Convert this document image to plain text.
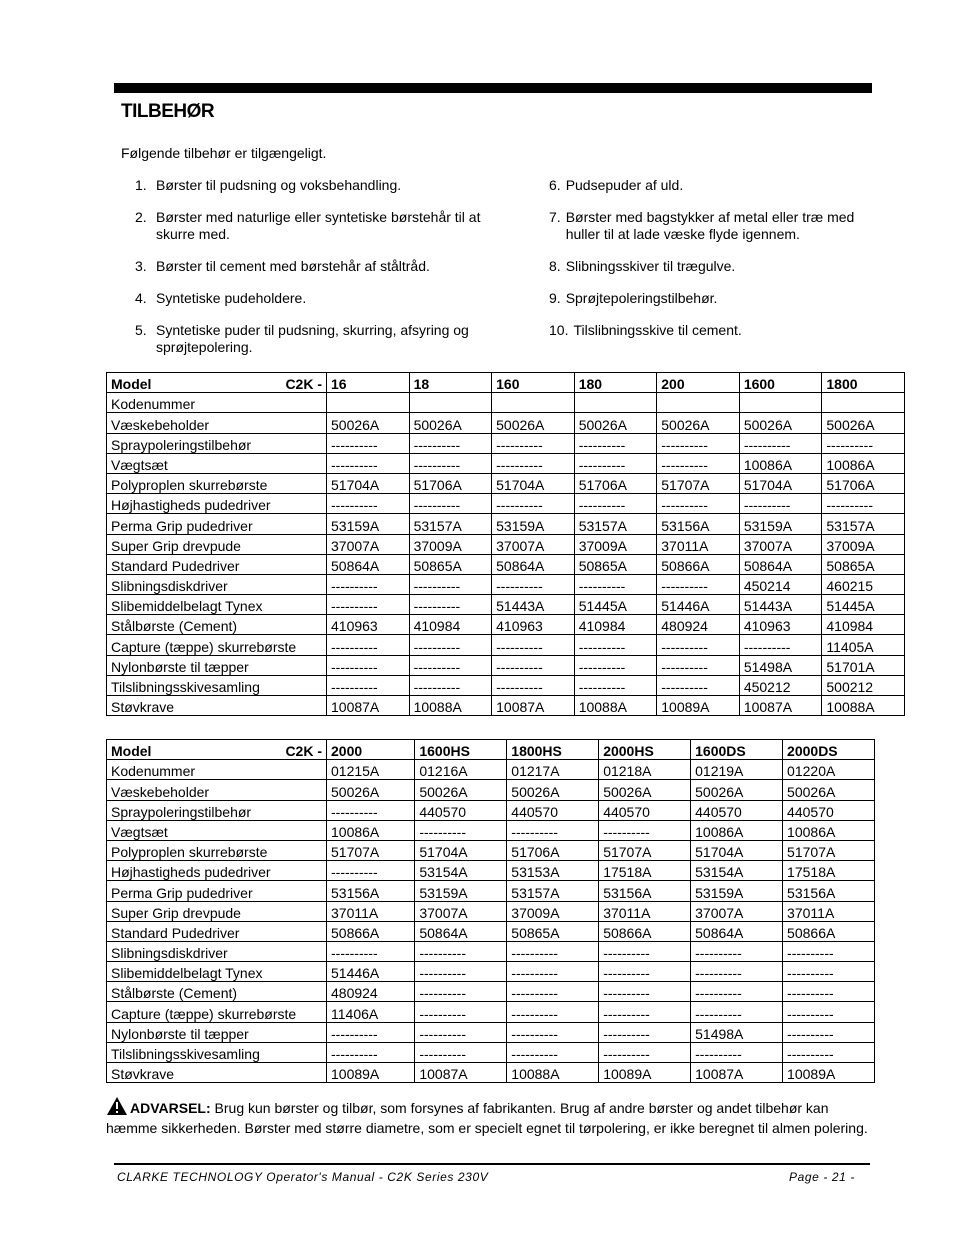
TILBEHØR
Følgende tilbehør er tilgængeligt.
1. Børster til pudsning og voksbehandling.
2. Børster med naturlige eller syntetiske børstehår til at skurre med.
3. Børster til cement med børstehår af ståltråd.
4. Syntetiske pudeholdere.
5. Syntetiske puder til pudsning, skurring, afsyring og sprøjtepolering.
6. Pudsepuder af uld.
7. Børster med bagstykker af metal eller træ med huller til at lade væske flyde igennem.
8. Slibningsskiver til trægulve.
9. Sprøjtepoleringstilbehør.
10. Tilslibningsskive til cement.
Model C2K -	16	18	160	180	200	1600	1800
Kodenummer							
Væskebeholder	50026A	50026A	50026A	50026A	50026A	50026A	50026A
Spraypoleringstilbehør	----------	----------	----------	----------	----------	----------	----------
Vægtsæt	----------	----------	----------	----------	----------	10086A	10086A
Polyproplen skurrebørste	51704A	51706A	51704A	51706A	51707A	51704A	51706A
Højhastigheds pudedriver	----------	----------	----------	----------	----------	----------	----------
Perma Grip pudedriver	53159A	53157A	53159A	53157A	53156A	53159A	53157A
Super Grip drevpude	37007A	37009A	37007A	37009A	37011A	37007A	37009A
Standard Pudedriver	50864A	50865A	50864A	50865A	50866A	50864A	50865A
Slibningsdiskdriver	----------	----------	----------	----------	----------	450214	460215
Slibemiddelbelagt Tynex	----------	----------	51443A	51445A	51446A	51443A	51445A
Stålbørste (Cement)	410963	410984	410963	410984	480924	410963	410984
Capture (tæppe) skurrebørste	----------	----------	----------	----------	----------	----------	11405A
Nylonbørste til tæpper	----------	----------	----------	----------	----------	51498A	51701A
Tilslibningsskivesamling	----------	----------	----------	----------	----------	450212	500212
Støvkrave	10087A	10088A	10087A	10088A	10089A	10087A	10088A
Model C2K -	2000	1600HS	1800HS	2000HS	1600DS	2000DS
Kodenummer	01215A	01216A	01217A	01218A	01219A	01220A
Væskebeholder	50026A	50026A	50026A	50026A	50026A	50026A
Spraypoleringstilbehør	----------	440570	440570	440570	440570	440570
Vægtsæt	10086A	----------	----------	----------	10086A	10086A
Polyproplen skurrebørste	51707A	51704A	51706A	51707A	51704A	51707A
Højhastigheds pudedriver	----------	53154A	53153A	17518A	53154A	17518A
Perma Grip pudedriver	53156A	53159A	53157A	53156A	53159A	53156A
Super Grip drevpude	37011A	37007A	37009A	37011A	37007A	37011A
Standard Pudedriver	50866A	50864A	50865A	50866A	50864A	50866A
Slibningsdiskdriver	----------	----------	----------	----------	----------	----------
Slibemiddelbelagt Tynex	51446A	----------	----------	----------	----------	----------
Stålbørste (Cement)	480924	----------	----------	----------	----------	----------
Capture (tæppe) skurrebørste	11406A	----------	----------	----------	----------	----------
Nylonbørste til tæpper	----------	----------	----------	----------	51498A	----------
Tilslibningsskivesamling	----------	----------	----------	----------	----------	----------
Støvkrave	10089A	10087A	10088A	10089A	10087A	10089A
ADVARSEL: Brug kun børster og tilbør, som forsynes af fabrikanten. Brug af andre børster og andet tilbehør kan hæmme sikkerheden. Børster med større diametre, som er specielt egnet til tørpolering, er ikke beregnet til almen polering.
CLARKE TECHNOLOGY Operator's Manual - C2K Series 230V	Page - 21 -
